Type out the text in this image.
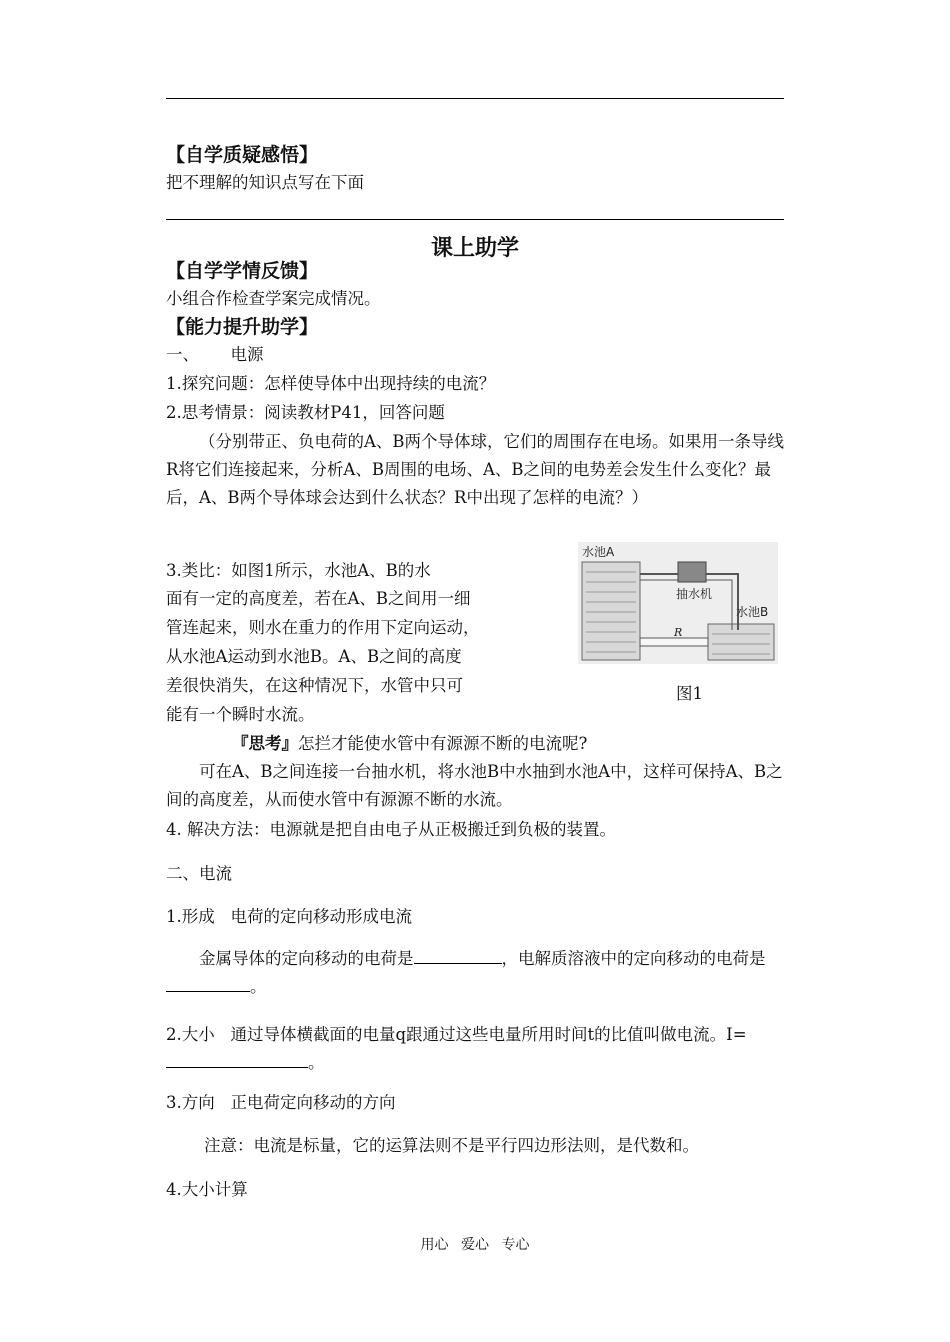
【自学质疑感悟】
把不理解的知识点写在下面
课上助学
【自学学情反馈】
小组合作检查学案完成情况。
【能力提升助学】
一、      电源
1.探究问题：怎样使导体中出现持续的电流？
2.思考情景：阅读教材P41，回答问题
（分别带正、负电荷的A、B两个导体球，它们的周围存在电场。如果用一条导线R将它们连接起来，分析A、B周围的电场、A、B之间的电势差会发生什么变化？最后，A、B两个导体球会达到什么状态？R中出现了怎样的电流？）
3.类比：如图1所示，水池A、B的水
面有一定的高度差，若在A、B之间用一细
管连起来，则水在重力的作用下定向运动，
从水池A运动到水池B。A、B之间的高度
差很快消失，在这种情况下，水管中只可
能有一个瞬时水流。
水池A
抽水机
水池B
R
图1
『思考』怎拦才能使水管中有源源不断的电流呢?
可在A、B之间连接一台抽水机，将水池B中水抽到水池A中，这样可保持A、B之间的高度差，从而使水管中有源源不断的水流。
4. 解决方法：电源就是把自由电子从正极搬迁到负极的装置。
二、电流
1.形成   电荷的定向移动形成电流
金属导体的定向移动的电荷是	，电解质溶液中的定向移动的电荷是。
2.大小   通过导体横截面的电量q跟通过这些电量所用时间t的比值叫做电流。I= 。
3.方向   正电荷定向移动的方向
注意：电流是标量，它的运算法则不是平行四边形法则，是代数和。
4.大小计算
用心 爱心 专心
